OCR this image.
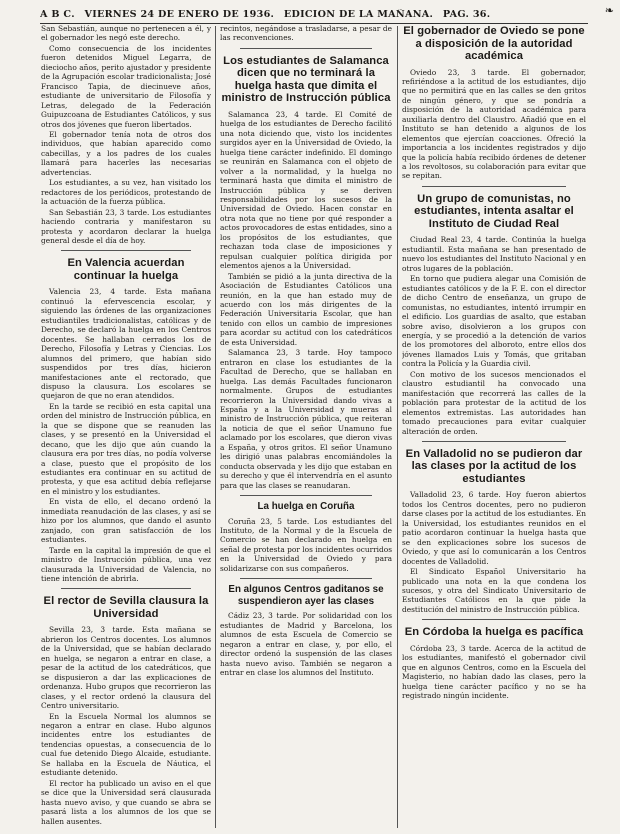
A B C. VIERNES 24 DE ENERO DE 1936. EDICION DE LA MAÑANA. PAG. 36.	❧

San Sebastián, aunque no pertenecen a él, y el gobernador les negó este derecho.

Como consecuencia de los incidentes fueron detenidos Miguel Legarra, de dieciocho años, perito ajustador y presidente de la Agrupación escolar tradicionalista; José Francisco Tapia, de diecinueve años, estudiante de universitario de Filosofía y Letras, delegado de la Federación Guipuzcoana de Estudiantes Católicos, y sus otros dos jóvenes que fueron libertados.

El gobernador tenía nota de otros dos individuos, que habían aparecido como cabecillas, y a los padres de los cuales llamará para hacerles las necesarias advertencias.

Los estudiantes, a su vez, han visitado los redactores de los periódicos, protestando de la actuación de la fuerza pública.

San Sebastián 23, 3 tarde. Los estudiantes haciendo contraria y manifestaron su protesta y acordaron declarar la huelga general desde el día de hoy.

En Valencia acuerdan continuar la huelga

Valencia 23, 4 tarde. Esta mañana continuó la efervescencia escolar, y siguiendo las órdenes de las organizaciones estudiantiles tradicionalistas, católicas y de Derecho, se declaró la huelga en los Centros docentes. Se hallaban cerrados los de Derecho, Filosofía y Letras y Ciencias. Los alumnos del primero, que habían sido suspendidos por tres días, hicieron manifestaciones ante el rectorado, que dispuso la clausura. Los escolares se quejaron de que no eran atendidos.

En la tarde se recibió en esta capital una orden del ministro de Instrucción pública, en la que se dispone que se reanuden las clases, y se presentó en la Universidad el decano, que les dijo que aún cuando la clausura era por tres días, no podía volverse a clase, puesto que el propósito de los estudiantes era continuar en su actitud de protesta, y que esa actitud debía reflejarse en el ministro y los estudiantes.

En vista de ello, el decano ordenó la inmediata reanudación de las clases, y así se hizo por los alumnos, que dando el asunto zanjado, con gran satisfacción de los estudiantes.

Tarde en la capital la impresión de que el ministro de Instrucción pública, una vez clausurada la Universidad de Valencia, no tiene intención de abrirla.

El rector de Sevilla clausura la Universidad

Sevilla 23, 3 tarde. Esta mañana se abrieron los Centros docentes. Los alumnos de la Universidad, que se habían declarado en huelga, se negaron a entrar en clase, a pesar de la actitud de los catedráticos, que se dispusieron a dar las explicaciones de ordenanza. Hubo grupos que recorrieron las clases, y el rector ordenó la clausura del Centro universitario.

En la Escuela Normal los alumnos se negaron a entrar en clase. Hubo algunos incidentes entre los estudiantes de tendencias opuestas, a consecuencia de lo cual fue detenido Diego Alcaide, estudiante. Se hallaba en la Escuela de Náutica, el estudiante detenido.

El rector ha publicado un aviso en el que se dice que la Universidad será clausurada hasta nuevo aviso, y que cuando se abra se pasará lista a los alumnos de los que se hallen ausentes.

recintos, negándose a trasladarse, a pesar de las reconvenciones.

Los estudiantes de Salamanca dicen que no terminará la huelga hasta que dimita el ministro de Instrucción pública

Salamanca 23, 4 tarde. El Comité de huelga de los estudiantes de Derecho facilitó una nota diciendo que, visto los incidentes surgidos ayer en la Universidad de Oviedo, la huelga tiene carácter indefinido. El domingo se reunirán en Salamanca con el objeto de volver a la normalidad, y la huelga no terminará hasta que dimita el ministro de Instrucción pública y se deriven responsabilidades por los sucesos de la Universidad de Oviedo. Hacen constar en otra nota que no tiene por qué responder a actos provocadores de estas entidades, sino a los propósitos de los estudiantes, que rechazan toda clase de imposiciones y repulsan cualquier política dirigida por elementos ajenos a la Universidad.

También se pidió a la junta directiva de la Asociación de Estudiantes Católicos una reunión, en la que han estado muy de acuerdo con los más dirigentes de la Federación Universitaria Escolar, que han tenido con ellos un cambio de impresiones para acordar su actitud con los catedráticos de esta Universidad.

Salamanca 23, 3 tarde. Hoy tampoco entraron en clase los estudiantes de la Facultad de Derecho, que se hallaban en huelga. Las demás Facultades funcionaron normalmente. Grupos de estudiantes recorrieron la Universidad dando vivas a España y a la Universidad y mueras al ministro de Instrucción pública, que reiteran la noticia de que el señor Unamuno fue aclamado por los escolares, que dieron vivas a España, y otros gritos. El señor Unamuno les dirigió unas palabras encomiándoles la conducta observada y les dijo que estaban en su derecho y que él intervendría en el asunto para que las clases se reanudaran.

La huelga en Coruña

Coruña 23, 5 tarde. Los estudiantes del Instituto, de la Normal y de la Escuela de Comercio se han declarado en huelga en señal de protesta por los incidentes ocurridos en la Universidad de Oviedo y para solidarizarse con sus compañeros.

En algunos Centros gaditanos se suspendieron ayer las clases

Cádiz 23, 3 tarde. Por solidaridad con los estudiantes de Madrid y Barcelona, los alumnos de esta Escuela de Comercio se negaron a entrar en clase, y, por ello, el director ordenó la suspensión de las clases hasta nuevo aviso. También se negaron a entrar en clase los alumnos del Instituto.

El gobernador de Oviedo se pone a disposición de la autoridad académica

Oviedo 23, 3 tarde. El gobernador, refiriéndose a la actitud de los estudiantes, dijo que no permitirá que en las calles se den gritos de ningún género, y que se pondría a disposición de la autoridad académica para auxiliarla dentro del Claustro. Añadió que en el Instituto se han detenido a algunos de los elementos que ejercían coacciones. Ofreció la importancia a los incidentes registrados y dijo que la policía había recibido órdenes de detener a los revoltosos, su colaboración para evitar que se repitan.

Un grupo de comunistas, no estudiantes, intenta asaltar el Instituto de Ciudad Real

Ciudad Real 23, 4 tarde. Continúa la huelga estudiantil. Esta mañana se han presentado de nuevo los estudiantes del Instituto Nacional y en otros lugares de la población.

En torno que pudiera alegar una Comisión de estudiantes católicos y de la F. E. con el director de dicho Centro de enseñanza, un grupo de comunistas, no estudiantes, intentó irrumpir en el edificio. Los guardias de asalto, que estaban sobre aviso, disolvieron a los grupos con energía, y se procedió a la detención de varios de los promotores del alboroto, entre ellos dos jóvenes llamados Luis y Tomás, que gritaban contra la Policía y la Guardia civil.

Con motivo de los sucesos mencionados el claustro estudiantil ha convocado una manifestación que recorrerá las calles de la población para protestar de la actitud de los elementos extremistas. Las autoridades han tomado precauciones para evitar cualquier alteración de orden.

En Valladolid no se pudieron dar las clases por la actitud de los estudiantes

Valladolid 23, 6 tarde. Hoy fueron abiertos todos los Centros docentes, pero no pudieron darse clases por la actitud de los estudiantes. En la Universidad, los estudiantes reunidos en el patio acordaron continuar la huelga hasta que se den explicaciones sobre los sucesos de Oviedo, y que así lo comunicarán a los Centros docentes de Valladolid.

El Sindicato Español Universitario ha publicado una nota en la que condena los sucesos, y otra del Sindicato Universitario de Estudiantes Católicos en la que pide la destitución del ministro de Instrucción pública.

En Córdoba la huelga es pacífica

Córdoba 23, 3 tarde. Acerca de la actitud de los estudiantes, manifestó el gobernador civil que en algunos Centros, como en la Escuela del Magisterio, no habían dado las clases, pero la huelga tiene carácter pacífico y no se ha registrado ningún incidente.
